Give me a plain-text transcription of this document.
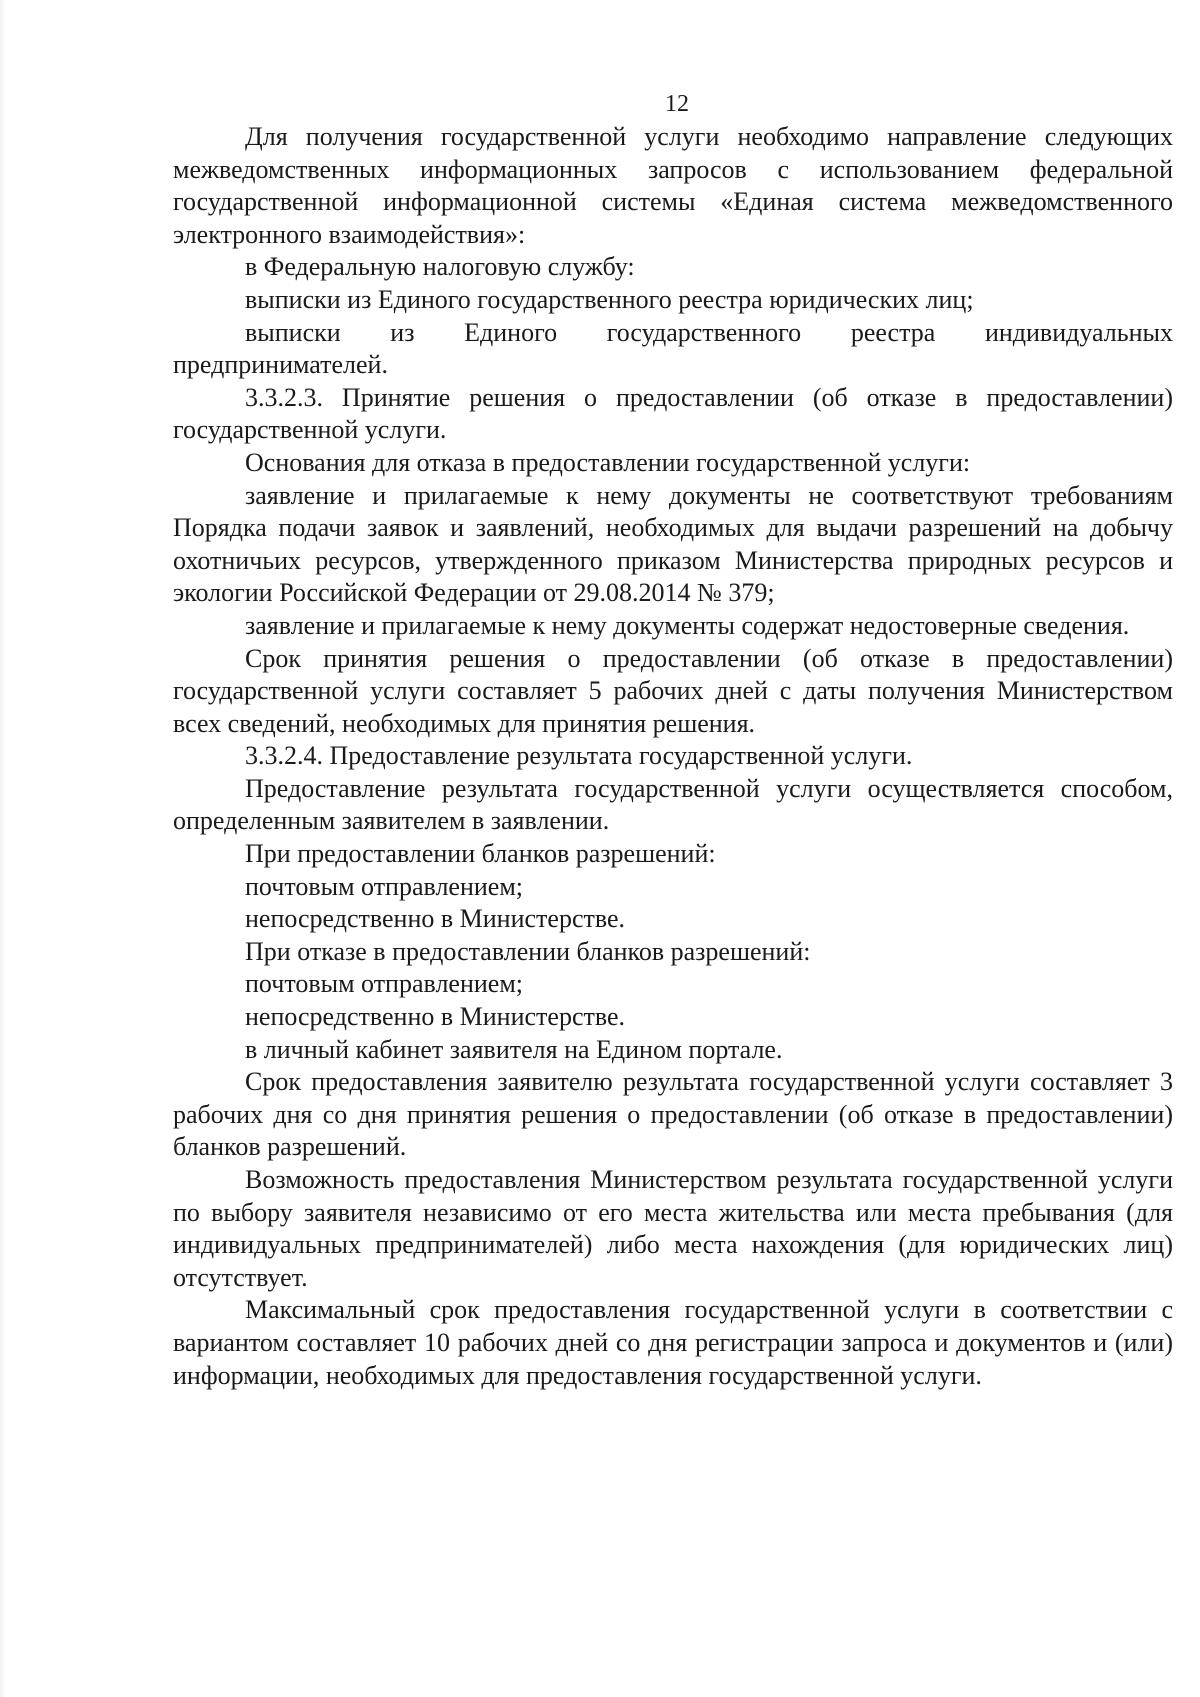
12

Для получения государственной услуги необходимо направление следующих межведомственных информационных запросов с использованием федеральной государственной информационной системы «Единая система межведомственного электронного взаимодействия»:

в Федеральную налоговую службу:

выписки из Единого государственного реестра юридических лиц;

выписки из Единого государственного реестра индивидуальных предпринимателей.

3.3.2.3. Принятие решения о предоставлении (об отказе в предоставлении) государственной услуги.

Основания для отказа в предоставлении государственной услуги:

заявление и прилагаемые к нему документы не соответствуют требованиям Порядка подачи заявок и заявлений, необходимых для выдачи разрешений на добычу охотничьих ресурсов, утвержденного приказом Министерства природных ресурсов и экологии Российской Федерации от 29.08.2014 № 379;

заявление и прилагаемые к нему документы содержат недостоверные сведения.

Срок принятия решения о предоставлении (об отказе в предоставлении) государственной услуги составляет 5 рабочих дней с даты получения Министерством всех сведений, необходимых для принятия решения.

3.3.2.4. Предоставление результата государственной услуги.

Предоставление результата государственной услуги осуществляется способом, определенным заявителем в заявлении.

При предоставлении бланков разрешений:

почтовым отправлением;

непосредственно в Министерстве.

При отказе в предоставлении бланков разрешений:

почтовым отправлением;

непосредственно в Министерстве.

в личный кабинет заявителя на Едином портале.

Срок предоставления заявителю результата государственной услуги составляет 3 рабочих дня со дня принятия решения о предоставлении (об отказе в предоставлении) бланков разрешений.

Возможность предоставления Министерством результата государственной услуги по выбору заявителя независимо от его места жительства или места пребывания (для индивидуальных предпринимателей) либо места нахождения (для юридических лиц) отсутствует.

Максимальный срок предоставления государственной услуги в соответствии с вариантом составляет 10 рабочих дней со дня регистрации запроса и документов и (или) информации, необходимых для предоставления государственной услуги.
